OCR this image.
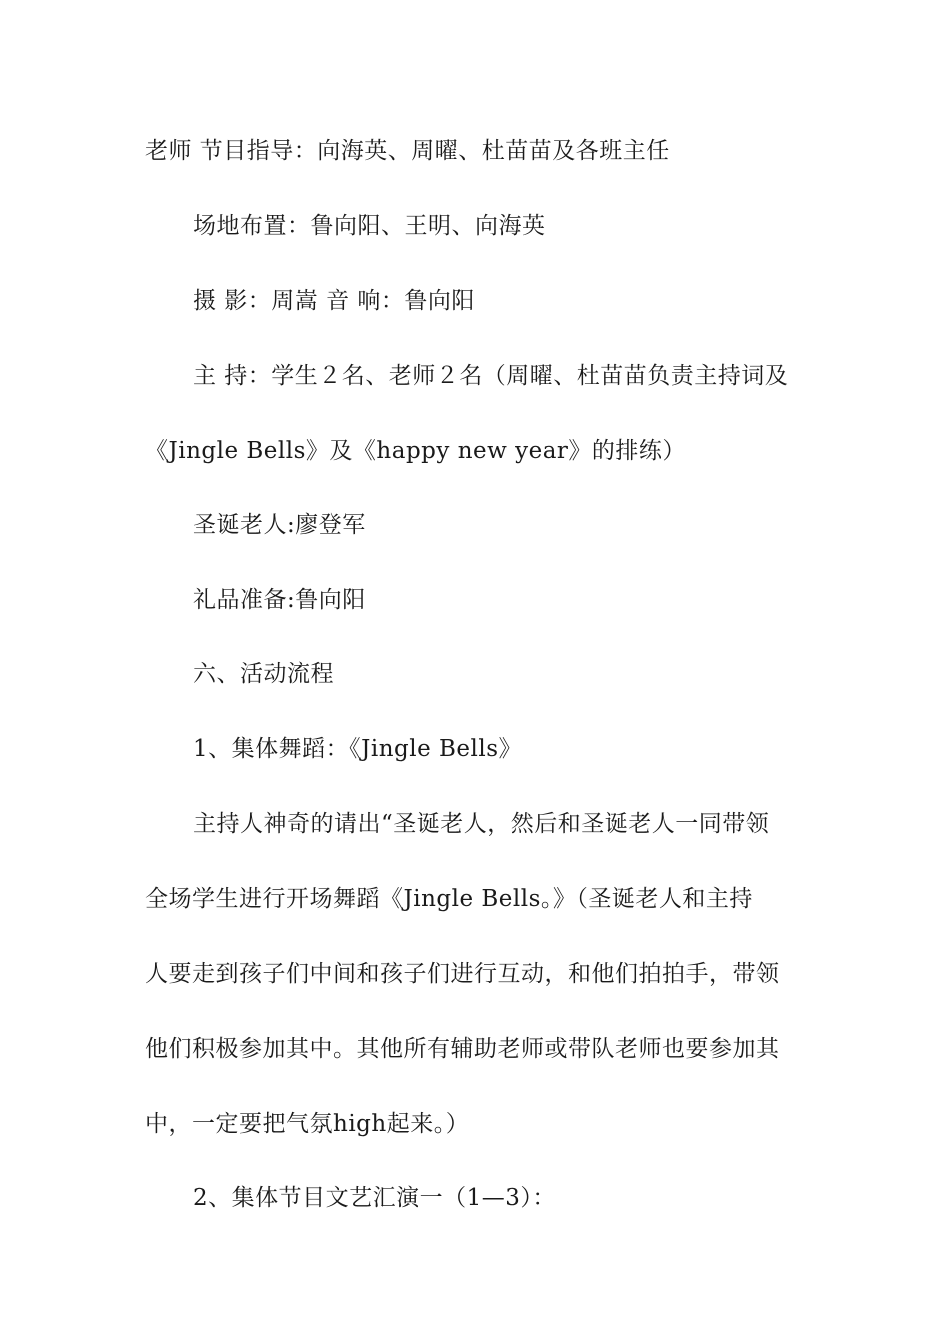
老师 节目指导：向海英、周曜、杜苗苗及各班主任
场地布置：鲁向阳、王明、向海英
摄 影：周嵩 音 响：鲁向阳
主 持：学生２名、老师２名（周曜、杜苗苗负责主持词及
《Jingle Bells》及《happy new year》的排练）
圣诞老人:廖登军
礼品准备:鲁向阳
六、活动流程
1、集体舞蹈：《Jingle Bells》
主持人神奇的请出“圣诞老人，然后和圣诞老人一同带领
全场学生进行开场舞蹈《Jingle Bells。》（圣诞老人和主持
人要走到孩子们中间和孩子们进行互动，和他们拍拍手，带领
他们积极参加其中。其他所有辅助老师或带队老师也要参加其
中，一定要把气氛high起来。）
2、集体节目文艺汇演一（1—3）：
